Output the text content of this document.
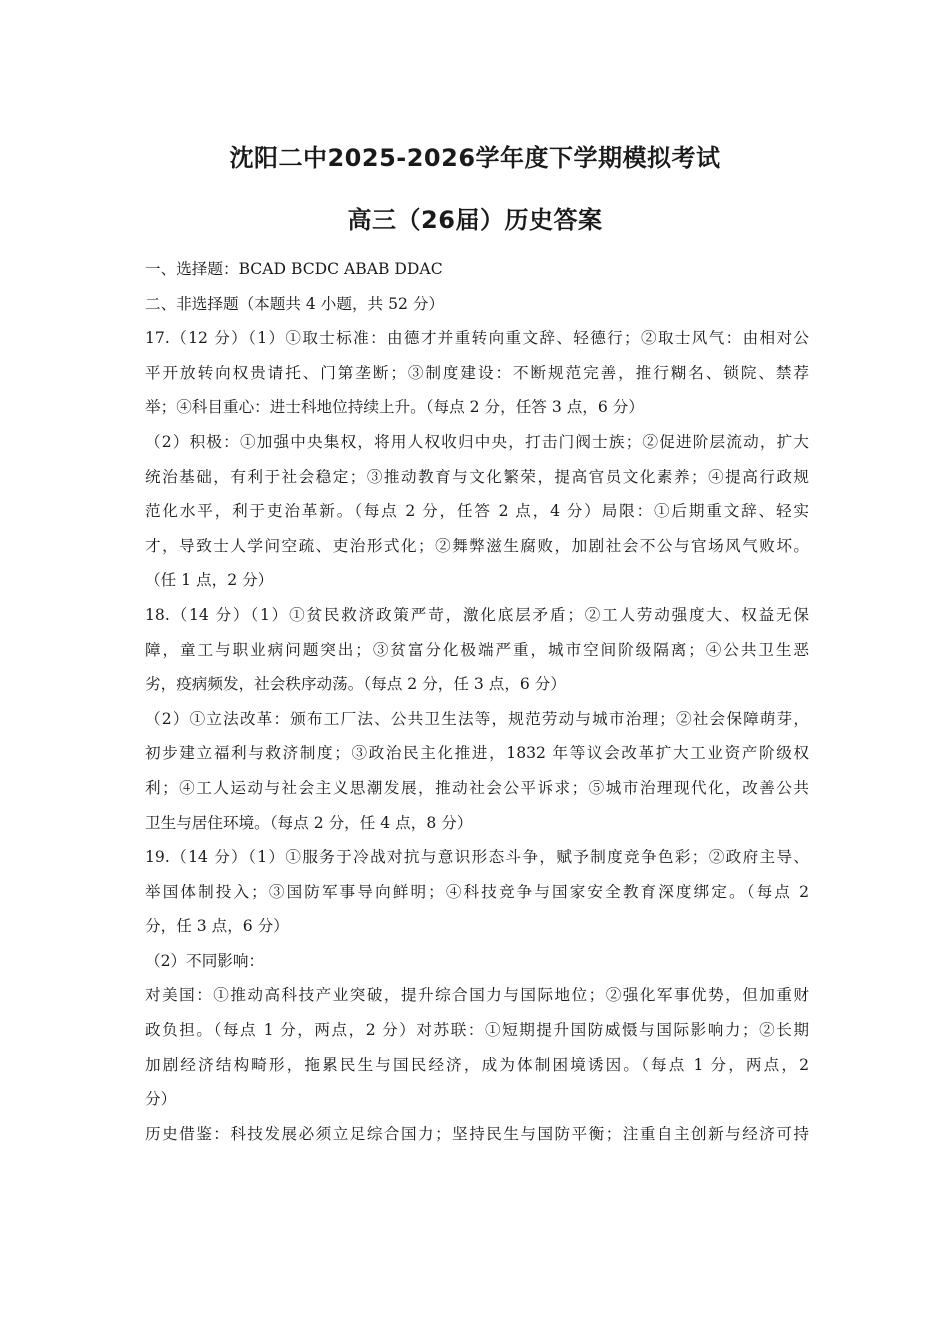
沈阳二中2025-2026学年度下学期模拟考试
高三（26届）历史答案
一、选择题：BCAD BCDC ABAB DDAC
二、非选择题（本题共 4 小题，共 52 分）
17.（12 分）（1）①取士标准：由德才并重转向重文辞、轻德行；②取士风气：由相对公
平开放转向权贵请托、门第垄断；③制度建设：不断规范完善，推行糊名、锁院、禁荐
举；④科目重心：进士科地位持续上升。（每点 2 分，任答 3 点，6 分）
（2）积极：①加强中央集权，将用人权收归中央，打击门阀士族；②促进阶层流动，扩大
统治基础，有利于社会稳定；③推动教育与文化繁荣，提高官员文化素养；④提高行政规
范化水平，利于吏治革新。（每点 2 分，任答 2 点，4 分）局限：①后期重文辞、轻实
才，导致士人学问空疏、吏治形式化；②舞弊滋生腐败，加剧社会不公与官场风气败坏。
（任 1 点，2 分）
18.（14 分）（1）①贫民救济政策严苛，激化底层矛盾；②工人劳动强度大、权益无保
障，童工与职业病问题突出；③贫富分化极端严重，城市空间阶级隔离；④公共卫生恶
劣，疫病频发，社会秩序动荡。（每点 2 分，任 3 点，6 分）
（2）①立法改革：颁布工厂法、公共卫生法等，规范劳动与城市治理；②社会保障萌芽，
初步建立福利与救济制度；③政治民主化推进，1832 年等议会改革扩大工业资产阶级权
利；④工人运动与社会主义思潮发展，推动社会公平诉求；⑤城市治理现代化，改善公共
卫生与居住环境。（每点 2 分，任 4 点，8 分）
19.（14 分）（1）①服务于冷战对抗与意识形态斗争，赋予制度竞争色彩；②政府主导、
举国体制投入；③国防军事导向鲜明；④科技竞争与国家安全教育深度绑定。（每点 2
分，任 3 点，6 分）
（2）不同影响：
对美国：①推动高科技产业突破，提升综合国力与国际地位；②强化军事优势，但加重财
政负担。（每点 1 分，两点，2 分）对苏联：①短期提升国防威慑与国际影响力；②长期
加剧经济结构畸形，拖累民生与国民经济，成为体制困境诱因。（每点 1 分，两点，2
分）
历史借鉴：科技发展必须立足综合国力；坚持民生与国防平衡；注重自主创新与经济可持
